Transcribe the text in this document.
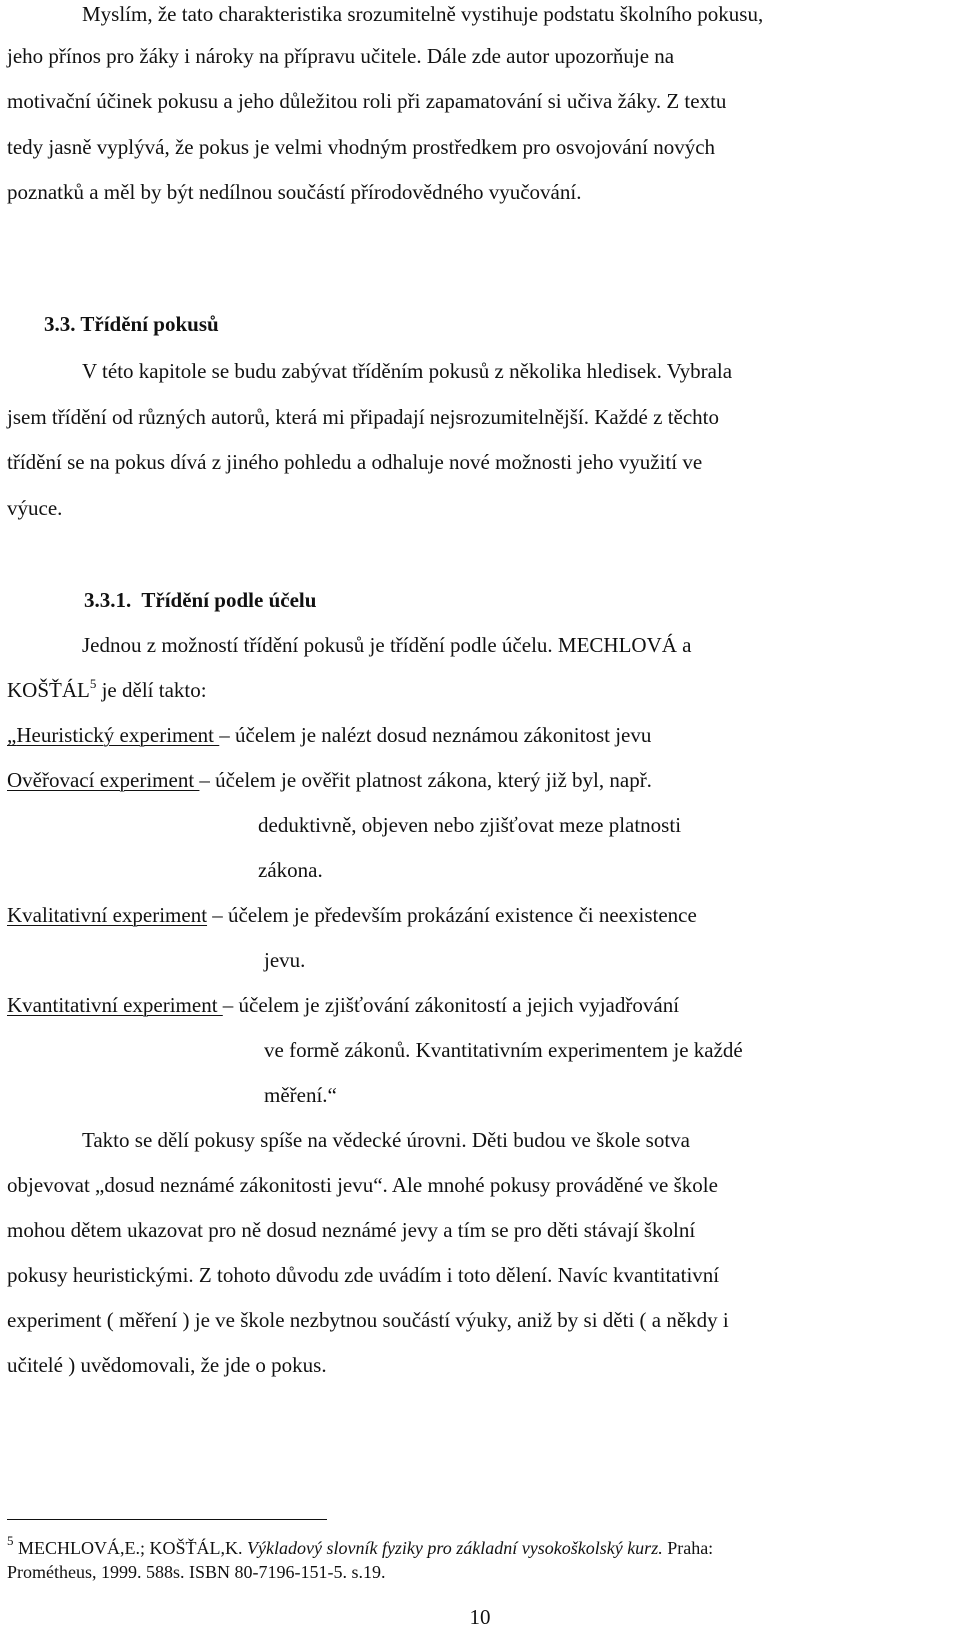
Myslím, že tato charakteristika srozumitelně vystihuje podstatu školního pokusu,
jeho přínos pro žáky i nároky na přípravu učitele. Dále zde autor upozorňuje na
motivační účinek pokusu a jeho důležitou roli při zapamatování si učiva žáky. Z textu
tedy jasně vyplývá, že pokus je velmi vhodným prostředkem pro osvojování nových
poznatků a měl by být nedílnou součástí přírodovědného vyučování.
3.3. Třídění pokusů
V této kapitole se budu zabývat tříděním pokusů z několika hledisek. Vybrala
jsem třídění od různých autorů, která mi připadají nejsrozumitelnější. Každé z těchto
třídění se na pokus dívá z jiného pohledu a odhaluje nové možnosti jeho využití ve
výuce.
3.3.1. Třídění podle účelu
Jednou z možností třídění pokusů je třídění podle účelu. MECHLOVÁ a
KOŠŤÁL$^5$ je dělí takto:
„Heuristický experiment – účelem je nalézt dosud neznámou zákonitost jevu
Ověřovací experiment – účelem je ověřit platnost zákona, který již byl, např.
deduktivně, objeven nebo zjišťovat meze platnosti
zákona.
Kvalitativní experiment – účelem je především prokázání existence či neexistence
jevu.
Kvantitativní experiment – účelem je zjišťování zákonitostí a jejich vyjadřování
ve formě zákonů. Kvantitativním experimentem je každé
měření.“
Takto se dělí pokusy spíše na vědecké úrovni. Děti budou ve škole sotva
objevovat „dosud neznámé zákonitosti jevu“. Ale mnohé pokusy prováděné ve škole
mohou dětem ukazovat pro ně dosud neznámé jevy a tím se pro děti stávají školní
pokusy heuristickými. Z tohoto důvodu zde uvádím i toto dělení. Navíc kvantitativní
experiment ( měření ) je ve škole nezbytnou součástí výuky, aniž by si děti ( a někdy i
učitelé ) uvědomovali, že jde o pokus.
$^5$ MECHLOVÁ,E.; KOŠŤÁL,K. Výkladový slovník fyziky pro základní vysokoškolský kurz. Praha:
Prométheus, 1999. 588s. ISBN 80-7196-151-5. s.19.
10
